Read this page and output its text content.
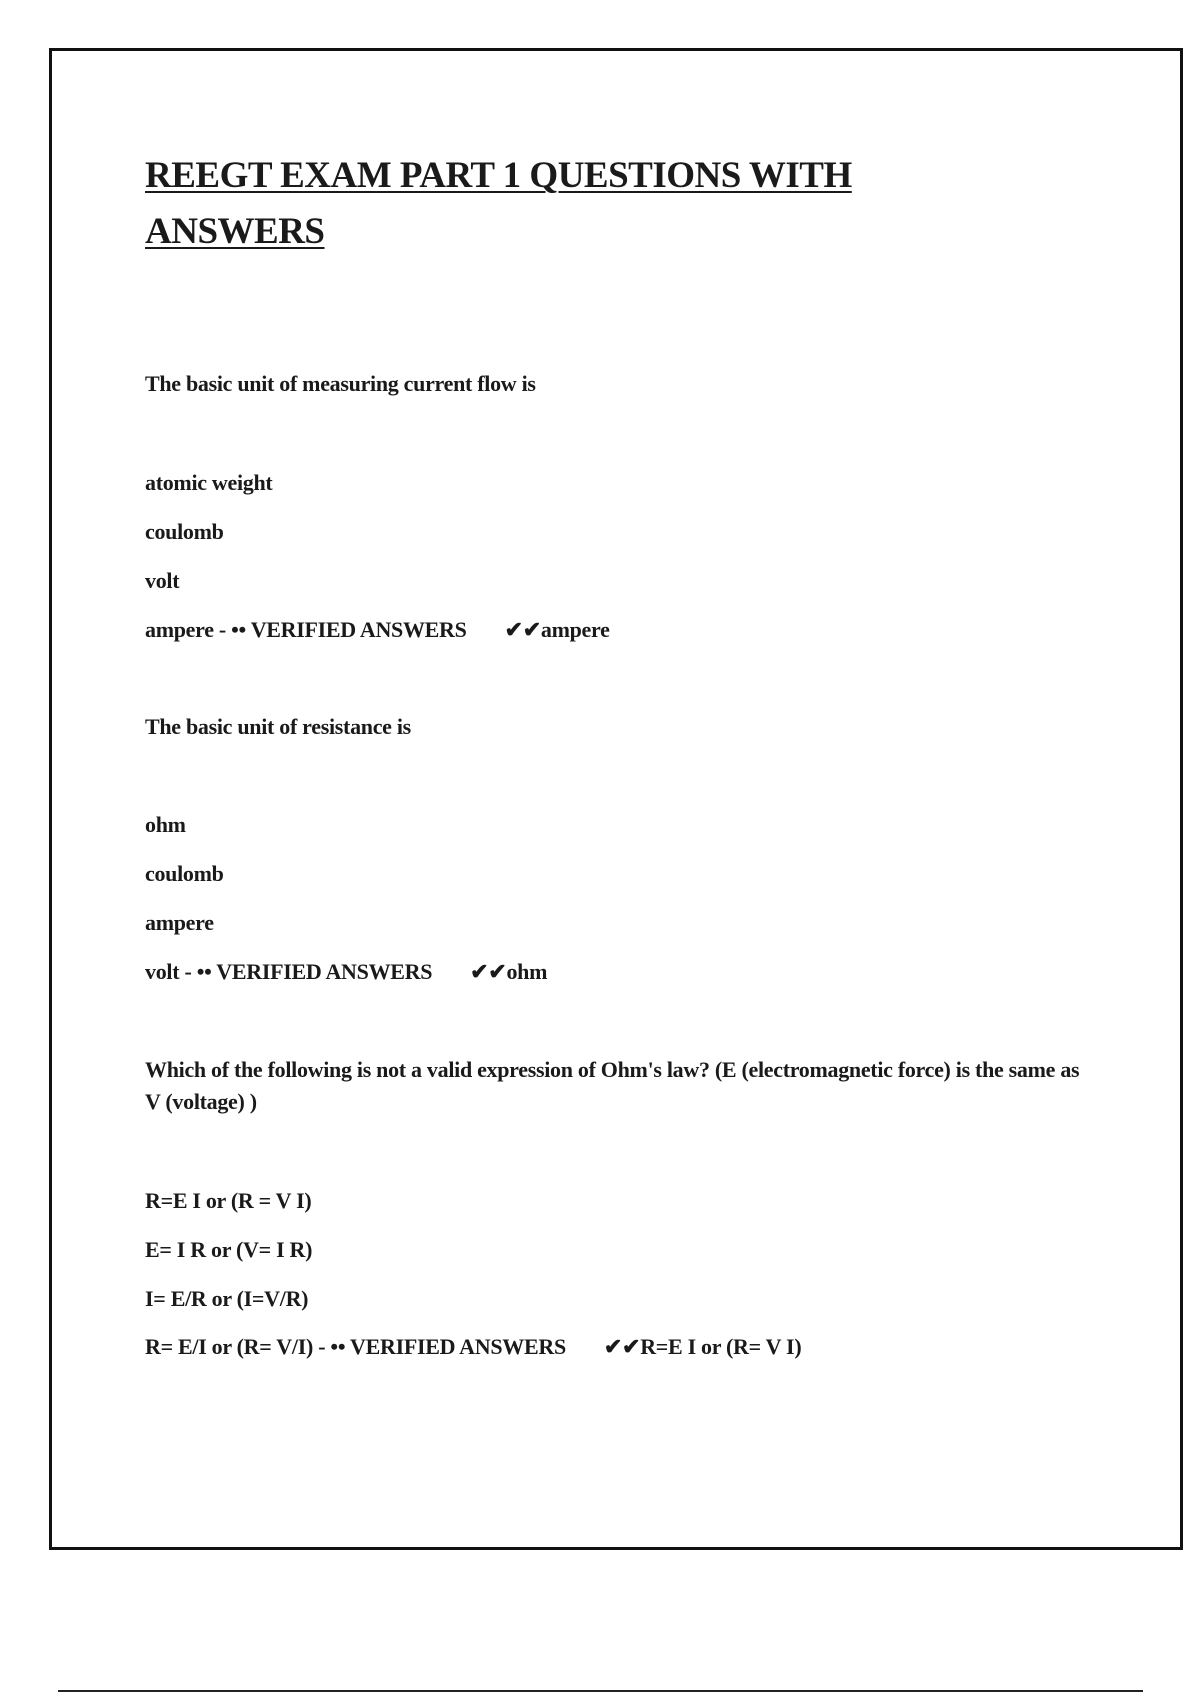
REEGT EXAM PART 1 QUESTIONS WITH ANSWERS

The basic unit of measuring current flow is

atomic weight

coulomb

volt

ampere - •• VERIFIED ANSWERS ✔✔ampere

The basic unit of resistance is

ohm

coulomb

ampere

volt - •• VERIFIED ANSWERS ✔✔ohm

Which of the following is not a valid expression of Ohm's law? (E (electromagnetic force) is the same as V (voltage) )

R=E I or (R = V I)

E= I R or (V= I R)

I= E/R or (I=V/R)

R= E/I or (R= V/I) - •• VERIFIED ANSWERS ✔✔R=E I or (R= V I)
